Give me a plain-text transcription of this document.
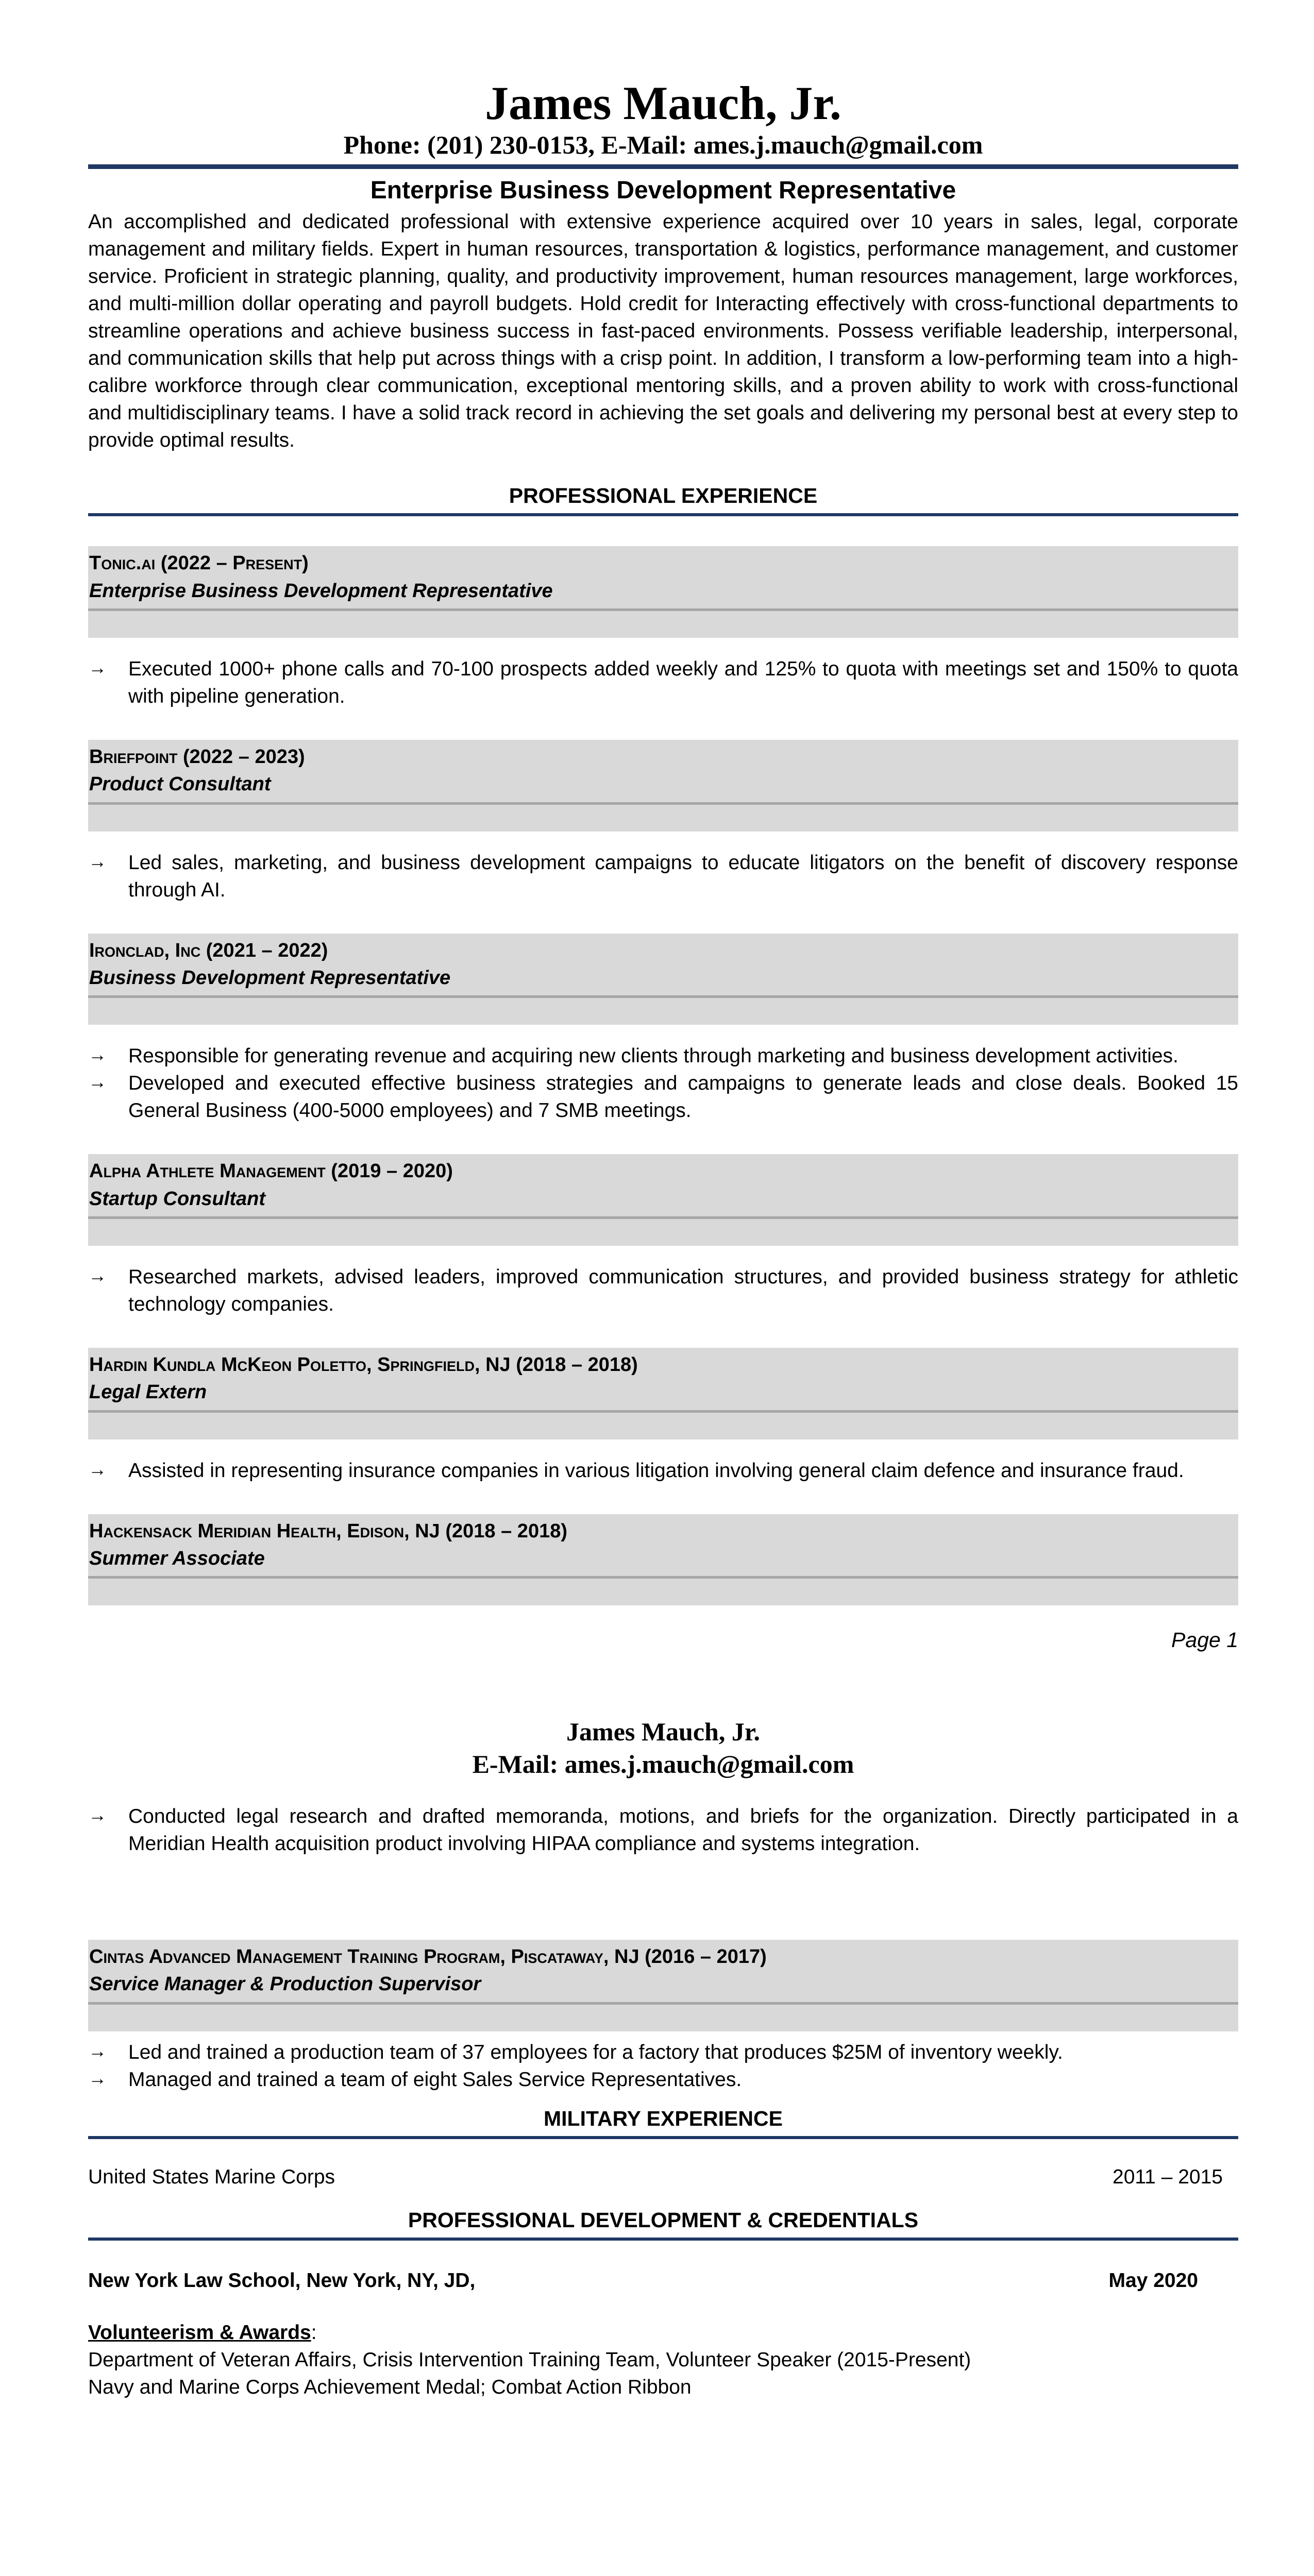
James Mauch, Jr.
Phone: (201) 230-0153, E-Mail: ames.j.mauch@gmail.com
Enterprise Business Development Representative
An accomplished and dedicated professional with extensive experience acquired over 10 years in sales, legal, corporate management and military fields. Expert in human resources, transportation & logistics, performance management, and customer service. Proficient in strategic planning, quality, and productivity improvement, human resources management, large workforces, and multi-million dollar operating and payroll budgets. Hold credit for Interacting effectively with cross-functional departments to streamline operations and achieve business success in fast-paced environments. Possess verifiable leadership, interpersonal, and communication skills that help put across things with a crisp point. In addition, I transform a low-performing team into a high-calibre workforce through clear communication, exceptional mentoring skills, and a proven ability to work with cross-functional and multidisciplinary teams. I have a solid track record in achieving the set goals and delivering my personal best at every step to provide optimal results.
PROFESSIONAL EXPERIENCE
Tonic.ai (2022 – Present)
Enterprise Business Development Representative
→	Executed 1000+ phone calls and 70-100 prospects added weekly and 125% to quota with meetings set and 150% to quota with pipeline generation.
Briefpoint (2022 – 2023)
Product Consultant
→	Led sales, marketing, and business development campaigns to educate litigators on the benefit of discovery response through AI.
Ironclad, Inc (2021 – 2022)
Business Development Representative
→	Responsible for generating revenue and acquiring new clients through marketing and business development activities.
→	Developed and executed effective business strategies and campaigns to generate leads and close deals. Booked 15 General Business (400-5000 employees) and 7 SMB meetings.
Alpha Athlete Management (2019 – 2020)
Startup Consultant
→	Researched markets, advised leaders, improved communication structures, and provided business strategy for athletic technology companies.
Hardin Kundla McKeon Poletto, Springfield, NJ (2018 – 2018)
Legal Extern
→	Assisted in representing insurance companies in various litigation involving general claim defence and insurance fraud.
Hackensack Meridian Health, Edison, NJ (2018 – 2018)
Summer Associate
Page 1
James Mauch, Jr.
E-Mail: ames.j.mauch@gmail.com
→	Conducted legal research and drafted memoranda, motions, and briefs for the organization. Directly participated in a Meridian Health acquisition product involving HIPAA compliance and systems integration.
Cintas Advanced Management Training Program, Piscataway, NJ (2016 – 2017)
Service Manager & Production Supervisor
→	Led and trained a production team of 37 employees for a factory that produces $25M of inventory weekly.
→	Managed and trained a team of eight Sales Service Representatives.
MILITARY EXPERIENCE
United States Marine Corps	2011 – 2015
PROFESSIONAL DEVELOPMENT & CREDENTIALS
New York Law School, New York, NY, JD,	May 2020
Volunteerism & Awards:
Department of Veteran Affairs, Crisis Intervention Training Team, Volunteer Speaker (2015-Present)
Navy and Marine Corps Achievement Medal; Combat Action Ribbon
